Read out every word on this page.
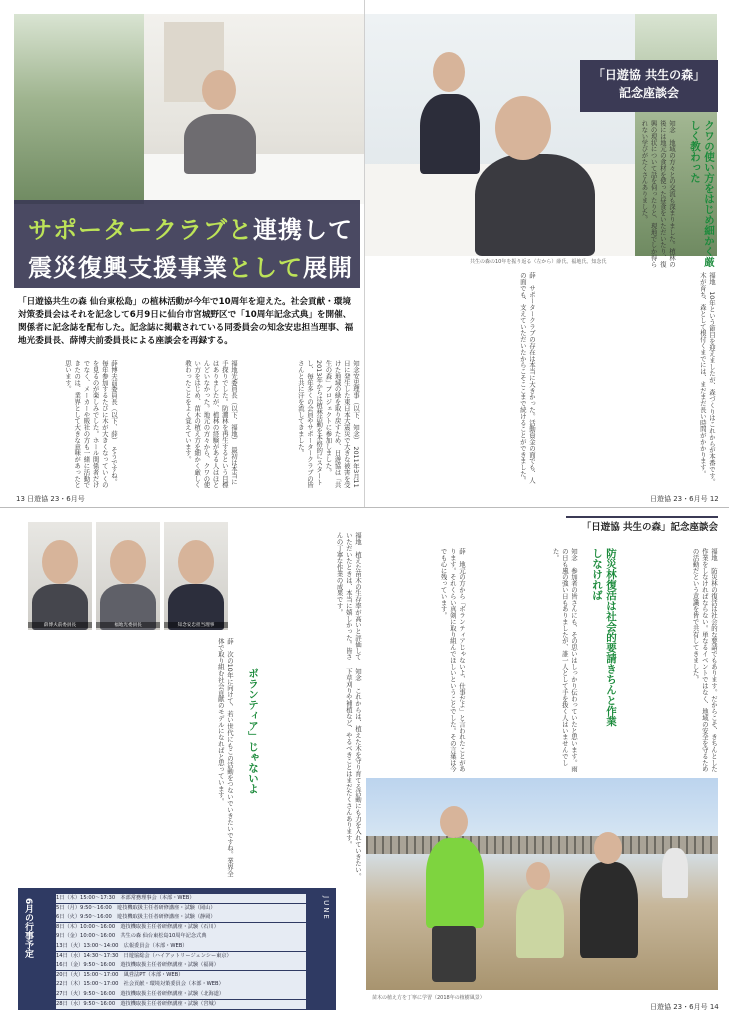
共生の森の10年を振り返る（左から）薛氏、福地氏、知念氏
「日遊協 共生の森」
記念座談会
サポータークラブと連携して
震災復興支援事業として展開
「日遊協共生の森 仙台東松島」の植林活動が今年で10周年を迎えた。社会貢献・環境対策委員会はそれを記念して6月9日に仙台市宮城野区で「10周年記念式典」を開催、関係者に記念誌を配布した。記念誌に掲載されている同委員会の知念安忠担当理事、福地光委員長、薛博夫前委員長による座談会を再録する。
知念安忠理事（以下、知念）　2011年3月11日に発生した東日本大震災で大きな被害を受けた地域の緑を取り戻すため、日遊協は「共生の森」プロジェクトに参加しました。2013年からは植林活動を本格的にスタートし、毎年多くの会員やサポータークラブの皆さんと共に汗を流してきました。
福地光委員長（以下、福地）　最初は本当に手探りでした。防潮林を再生するという目標はありましたが、植林の経験がある人はほとんどいなかった。地元の方々から、クワの使い方をはじめ、苗木の植え方を細かく厳しく教わったことをよく覚えています。
薛博夫前委員長（以下、薛）　そうですね。毎年参加するたびに木が大きくなっていくのを見るのが楽しみでした。ホール関係者だけでなく、メーカーや販社の方も一緒に活動できたのは、業界として大きな意味があったと思います。
クワの使い方をはじめ細かく厳しく教わった
知念　地域の方々との交流も深まりました。植林の後には地元の食材を使った昼食をいただいたり、復興の現状について話を伺ったりと、現地でしか得られない学びがたくさんありました。
福地　10年という節目を迎えましたが、森づくりはこれからが本番です。木が育ち、森として根付くまでには、まだまだ長い時間がかかります。
薛　サポータークラブの存在は本当に大きかった。活動資金の面でも、人の面でも、支えていただいたからこそここまで続けることができました。
13 日遊協 23・6月号	日遊協 23・6月号 12
「日遊協 共生の森」記念座談会
薛博夫前委員長	福地光委員長	知念安忠担当理事	防災林復活は社会的要請きちんと作業しなければ
ボランティア」じゃないよ	福地　防災林の復活は社会的な要請でもあります。だからこそ、きちんとした作業をしなければならない。単なるイベントではなく、地域の安全を守るための活動だという意識を皆で共有してきました。
知念　参加者の皆さんにも、その思いはしっかり伝わっていたと思います。雨の日も風の強い日もありましたが、誰一人として手を抜く人はいませんでした。
薛　地元の方から「ボランティアじゃないよ、仕事だよ」と言われたことがあります。それくらい真剣に取り組んでほしいということでした。その言葉は今でも心に残っています。
福地　植えた苗木の生存率が高いと評価していただいたときは、本当に嬉しかった。皆さんの丁寧な作業の成果です。
知念　これからは、植えた木を守り育てる活動にも力を入れていきたい。下草刈りや補植など、やるべきことはまだたくさんあります。
薛　次の10年に向けて、若い世代にもこの活動をつないでいきたいですね。業界全体で取り組む社会貢献のモデルになればと思っています。
苗木の植え方を丁寧に学習（2018年の植樹風景）
日遊協 23・6月号 14
6月の行事予定	JUNE
1日（木）15:00〜17:30　本部常務理事会（本部・WEB）
5日（月）9:50〜16:00　遊技機取扱主任者研修講座・試験（岡山）
6日（火）9:50〜16:00　遊技機取扱主任者研修講座・試験（静岡）
8日（木）10:00〜16:00　遊技機取扱主任者研修講座・試験（石川）
9日（金）10:00〜16:00　共生の森 仙台東松島10周年記念式典
13日（火）13:00〜14:00　広報委員会（本部・WEB）
14日（水）14:30〜17:30　日遊協総会（ハイアットリージェンシー東京）
16日（金）9:50〜16:00　遊技機取扱主任者研修講座・試験（福岡）
20日（火）15:00〜17:00　風営法PT（本部・WEB）
22日（木）15:00〜17:00　社会貢献・環境対策委員会（本部・WEB）
27日（火）9:50〜16:00　遊技機取扱主任者研修講座・試験（北海道）
28日（水）9:50〜16:00　遊技機取扱主任者研修講座・試験（宮城）
